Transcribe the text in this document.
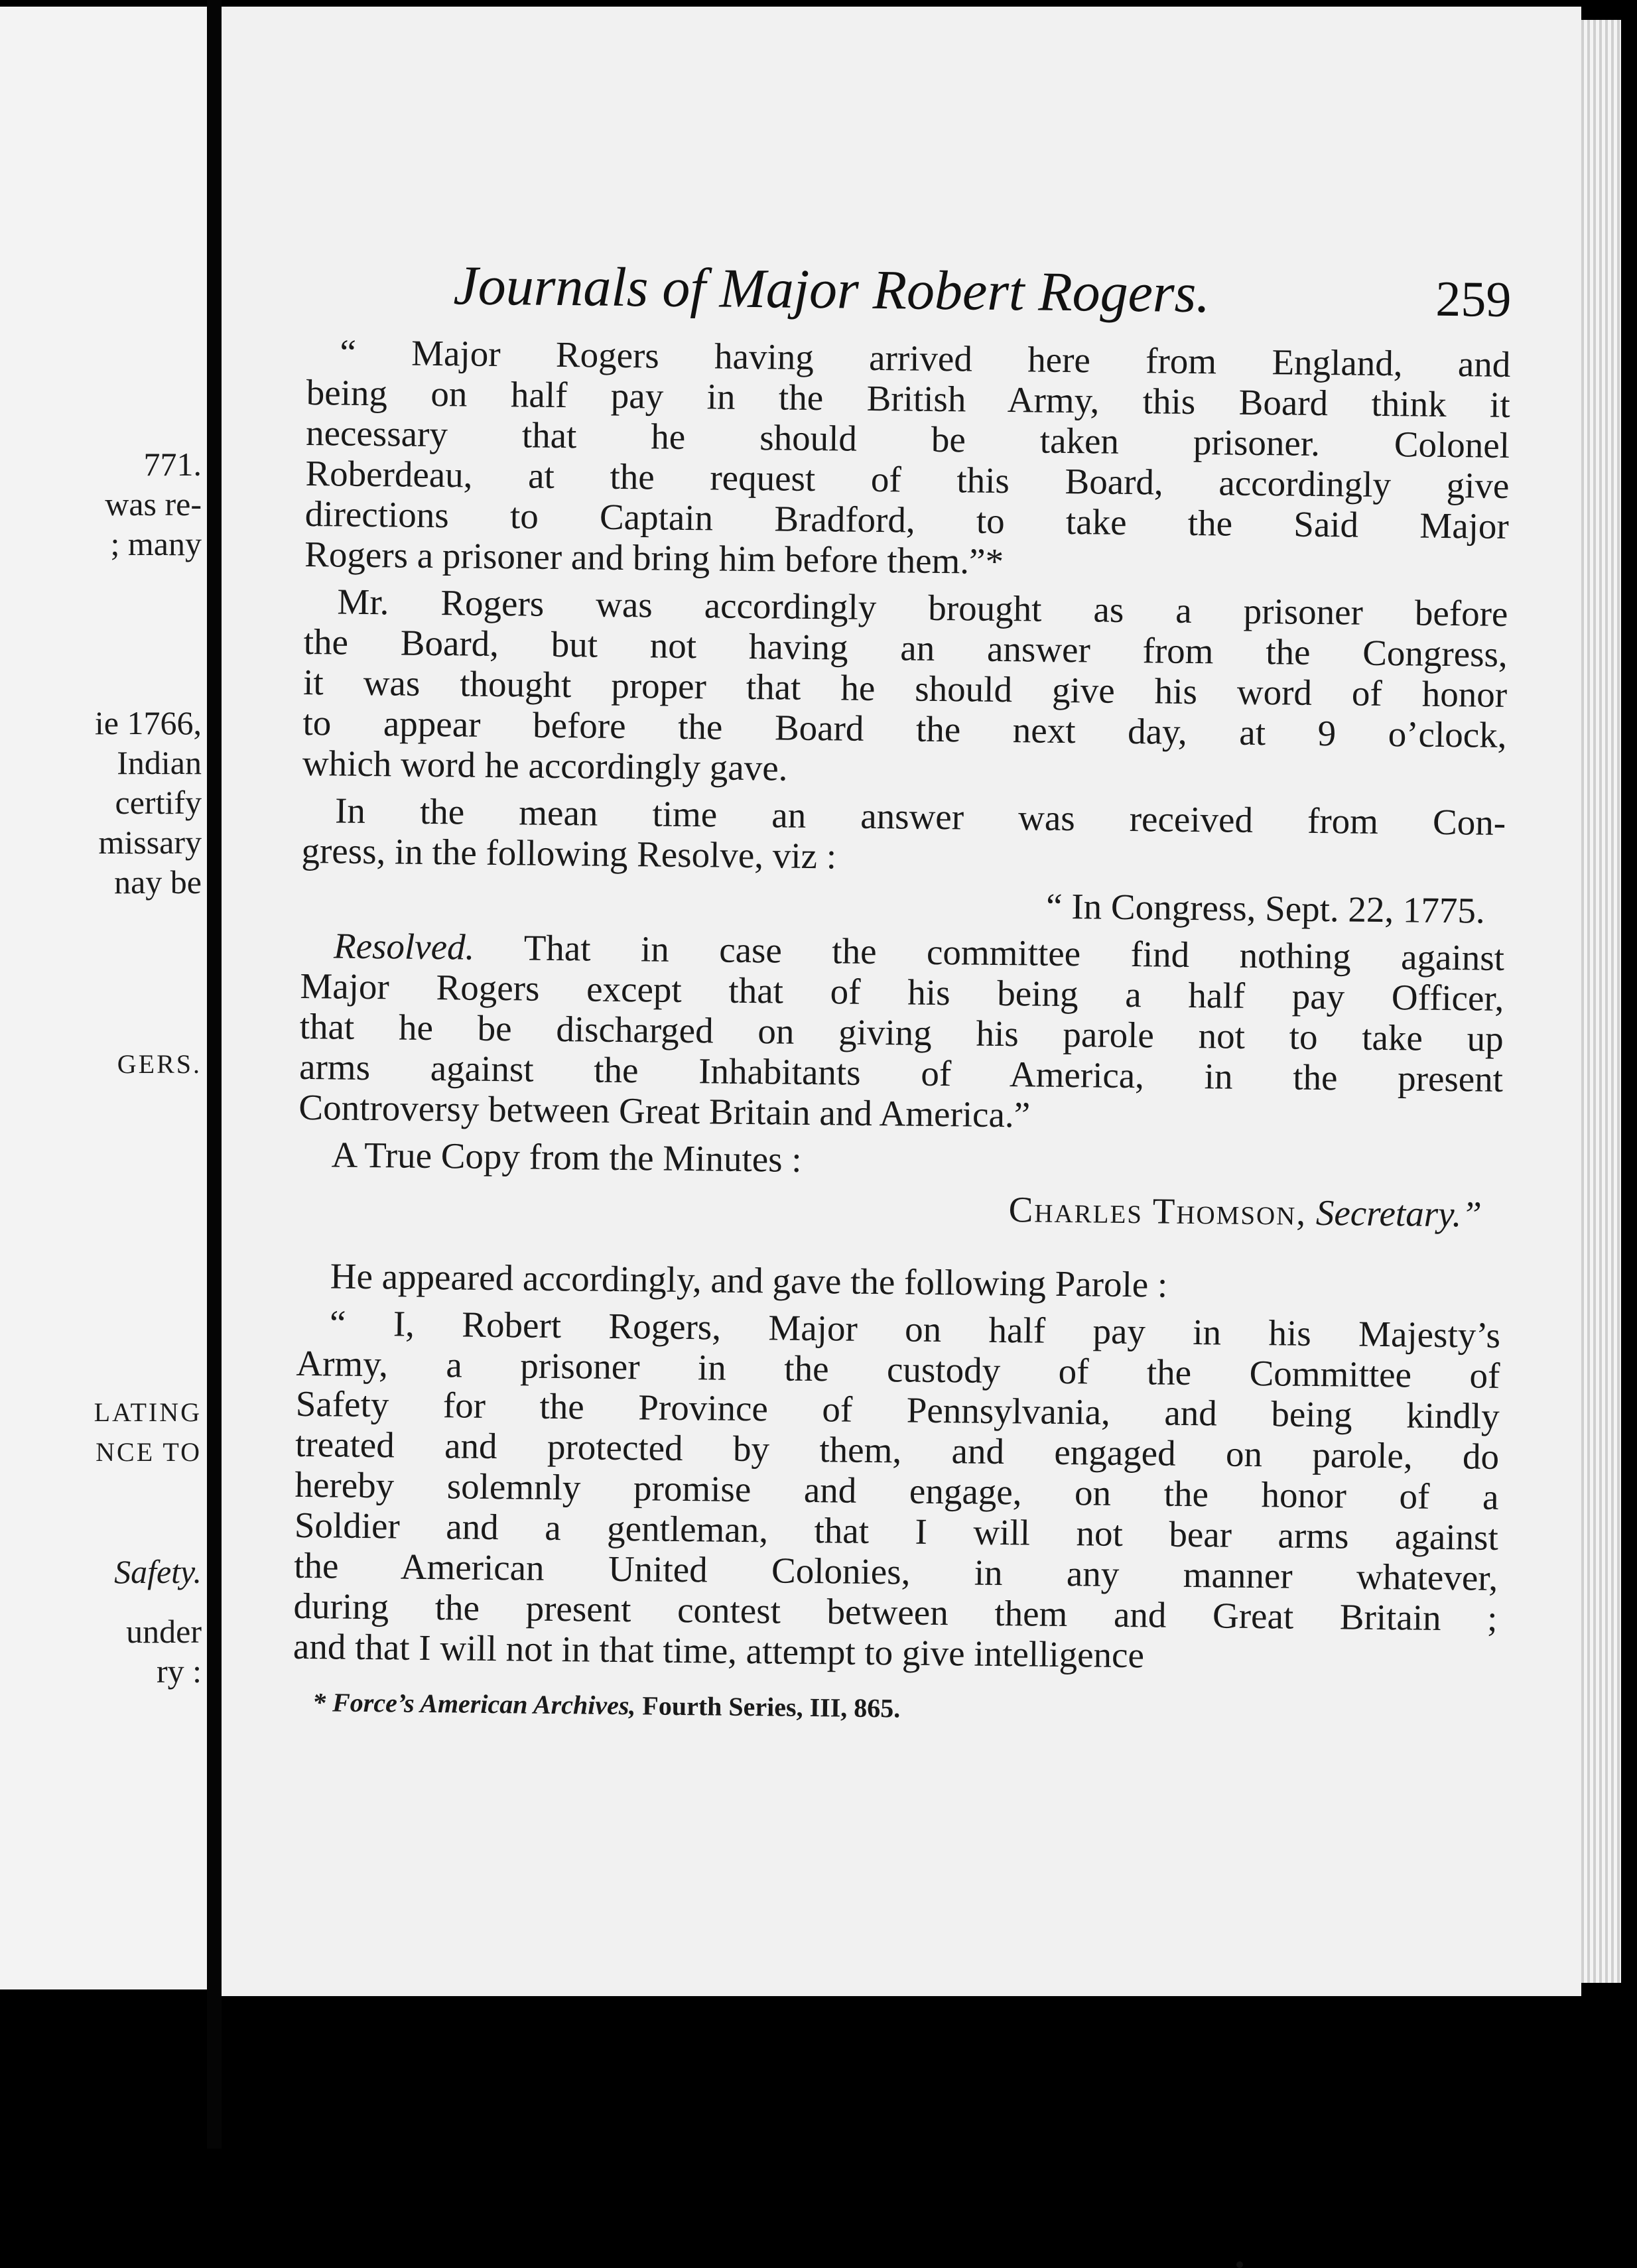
771.
was re-
; many
ie 1766,
Indian
certify
missary
nay be
GERS.
LATING
NCE TO
Safety.
under
ry :
Journals of Major Robert Rogers.	259
“ Major Rogers having arrived here from England, and
being on half pay in the British Army, this Board think it
necessary that he should be taken prisoner. Colonel
Roberdeau, at the request of this Board, accordingly give
directions to Captain Bradford, to take the Said Major
Rogers a prisoner and bring him before them.”*
Mr. Rogers was accordingly brought as a prisoner before
the Board, but not having an answer from the Congress,
it was thought proper that he should give his word of honor
to appear before the Board the next day, at 9 o’clock,
which word he accordingly gave.
In the mean time an answer was received from Con-
gress, in the following Resolve, viz :
“ In Congress, Sept. 22, 1775.
Resolved. That in case the committee find nothing against
Major Rogers except that of his being a half pay Officer,
that he be discharged on giving his parole not to take up
arms against the Inhabitants of America, in the present
Controversy between Great Britain and America.”
A True Copy from the Minutes :
Charles Thomson, Secretary.”
He appeared accordingly, and gave the following Parole :
“ I, Robert Rogers, Major on half pay in his Majesty’s
Army, a prisoner in the custody of the Committee of
Safety for the Province of Pennsylvania, and being kindly
treated and protected by them, and engaged on parole, do
hereby solemnly promise and engage, on the honor of a
Soldier and a gentleman, that I will not bear arms against
the American United Colonies, in any manner whatever,
during the present contest between them and Great Britain ;
and that I will not in that time, attempt to give intelligence
* Force’s American Archives, Fourth Series, III, 865.
